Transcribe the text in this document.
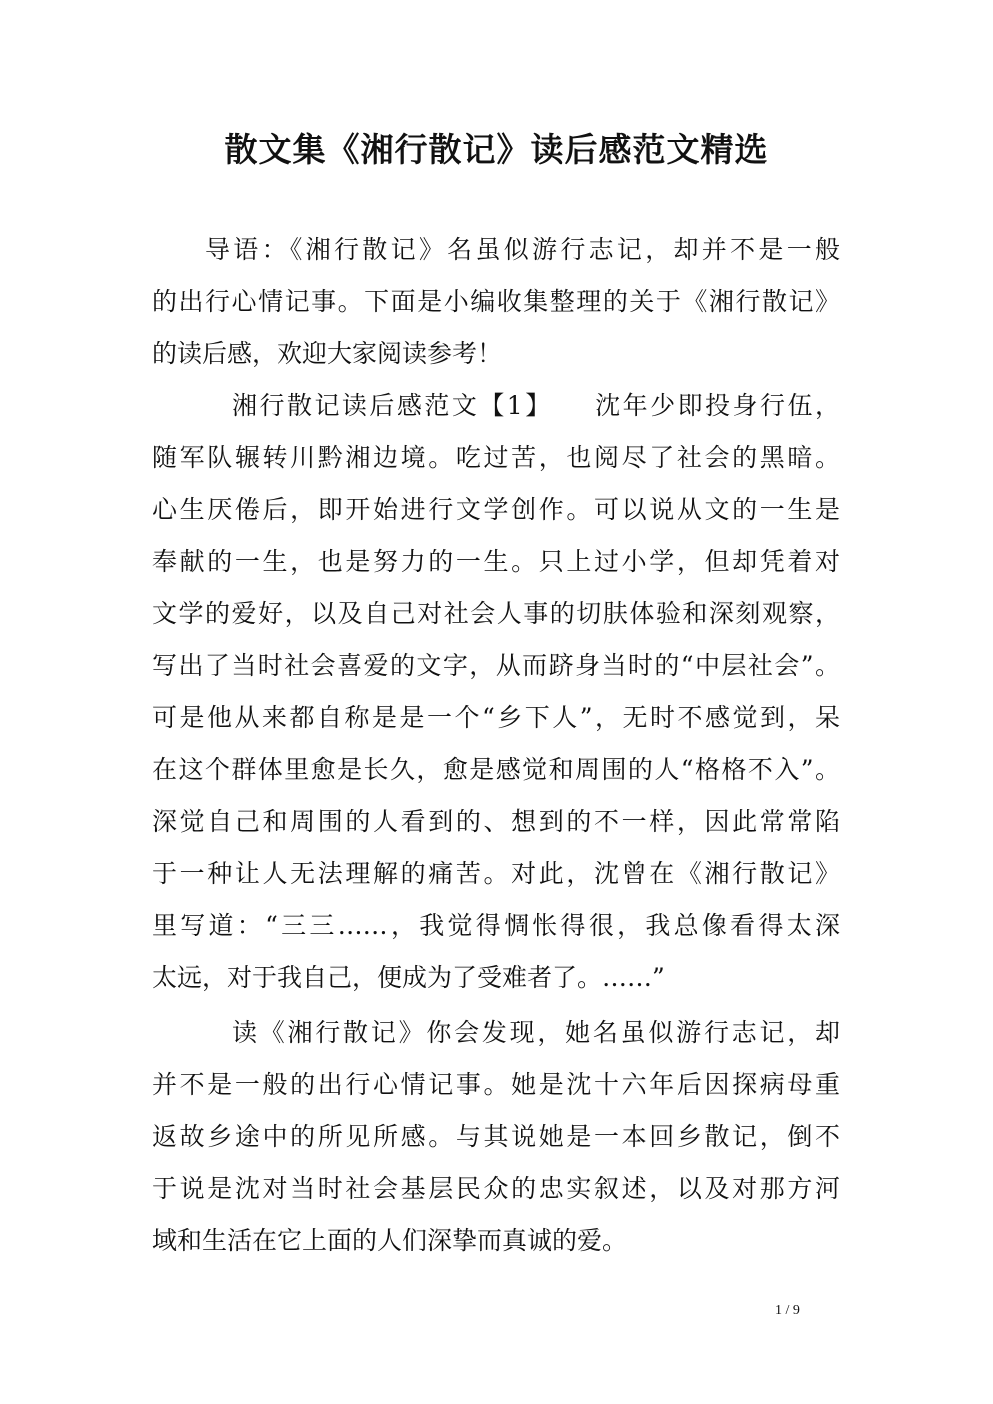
散文集《湘行散记》读后感范文精选
导语：《湘行散记》名虽似游行志记，却并不是一般
的出行心情记事。下面是小编收集整理的关于《湘行散记》
的读后感，欢迎大家阅读参考！
湘行散记读后感范文【1】　　沈年少即投身行伍，
随军队辗转川黔湘边境。吃过苦，也阅尽了社会的黑暗。
心生厌倦后，即开始进行文学创作。可以说从文的一生是
奉献的一生，也是努力的一生。只上过小学，但却凭着对
文学的爱好，以及自己对社会人事的切肤体验和深刻观察，
写出了当时社会喜爱的文字，从而跻身当时的“中层社会”。
可是他从来都自称是是一个“乡下人”，无时不感觉到，呆
在这个群体里愈是长久，愈是感觉和周围的人“格格不入”。
深觉自己和周围的人看到的、想到的不一样，因此常常陷
于一种让人无法理解的痛苦。对此，沈曾在《湘行散记》
里写道：“三三……，我觉得惆怅得很，我总像看得太深
太远，对于我自己，便成为了受难者了。……”
读《湘行散记》你会发现，她名虽似游行志记，却
并不是一般的出行心情记事。她是沈十六年后因探病母重
返故乡途中的所见所感。与其说她是一本回乡散记，倒不
于说是沈对当时社会基层民众的忠实叙述，以及对那方河
域和生活在它上面的人们深挚而真诚的爱。
1 / 9
